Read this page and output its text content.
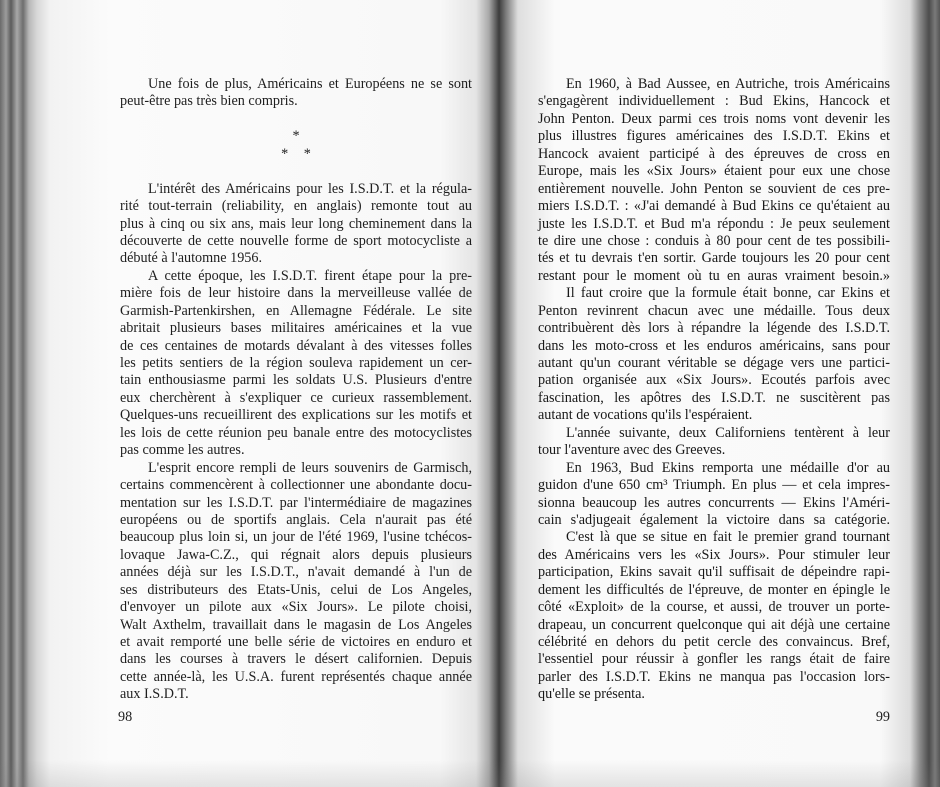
Une fois de plus, Américains et Européens ne se sont
peut-être pas très bien compris.
*
* *
L'intérêt des Américains pour les I.S.D.T. et la régula-
rité tout-terrain (reliability, en anglais) remonte tout au
plus à cinq ou six ans, mais leur long cheminement dans la
découverte de cette nouvelle forme de sport motocycliste a
débuté à l'automne 1956.
A cette époque, les I.S.D.T. firent étape pour la pre-
mière fois de leur histoire dans la merveilleuse vallée de
Garmish-Partenkirshen, en Allemagne Fédérale. Le site
abritait plusieurs bases militaires américaines et la vue
de ces centaines de motards dévalant à des vitesses folles
les petits sentiers de la région souleva rapidement un cer-
tain enthousiasme parmi les soldats U.S. Plusieurs d'entre
eux cherchèrent à s'expliquer ce curieux rassemblement.
Quelques-uns recueillirent des explications sur les motifs et
les lois de cette réunion peu banale entre des motocyclistes
pas comme les autres.
L'esprit encore rempli de leurs souvenirs de Garmisch,
certains commencèrent à collectionner une abondante docu-
mentation sur les I.S.D.T. par l'intermédiaire de magazines
européens ou de sportifs anglais. Cela n'aurait pas été
beaucoup plus loin si, un jour de l'été 1969, l'usine tchécos-
lovaque Jawa-C.Z., qui régnait alors depuis plusieurs
années déjà sur les I.S.D.T., n'avait demandé à l'un de
ses distributeurs des Etats-Unis, celui de Los Angeles,
d'envoyer un pilote aux «Six Jours». Le pilote choisi,
Walt Axthelm, travaillait dans le magasin de Los Angeles
et avait remporté une belle série de victoires en enduro et
dans les courses à travers le désert californien. Depuis
cette année-là, les U.S.A. furent représentés chaque année
aux I.S.D.T.
98
En 1960, à Bad Aussee, en Autriche, trois Américains
s'engagèrent individuellement : Bud Ekins, Hancock et
John Penton. Deux parmi ces trois noms vont devenir les
plus illustres figures américaines des I.S.D.T. Ekins et
Hancock avaient participé à des épreuves de cross en
Europe, mais les «Six Jours» étaient pour eux une chose
entièrement nouvelle. John Penton se souvient de ces pre-
miers I.S.D.T. : «J'ai demandé à Bud Ekins ce qu'étaient au
juste les I.S.D.T. et Bud m'a répondu : Je peux seulement
te dire une chose : conduis à 80 pour cent de tes possibili-
tés et tu devrais t'en sortir. Garde toujours les 20 pour cent
restant pour le moment où tu en auras vraiment besoin.»
Il faut croire que la formule était bonne, car Ekins et
Penton revinrent chacun avec une médaille. Tous deux
contribuèrent dès lors à répandre la légende des I.S.D.T.
dans les moto-cross et les enduros américains, sans pour
autant qu'un courant véritable se dégage vers une partici-
pation organisée aux «Six Jours». Ecoutés parfois avec
fascination, les apôtres des I.S.D.T. ne suscitèrent pas
autant de vocations qu'ils l'espéraient.
L'année suivante, deux Californiens tentèrent à leur
tour l'aventure avec des Greeves.
En 1963, Bud Ekins remporta une médaille d'or au
guidon d'une 650 cm³ Triumph. En plus — et cela impres-
sionna beaucoup les autres concurrents — Ekins l'Améri-
cain s'adjugeait également la victoire dans sa catégorie.
C'est là que se situe en fait le premier grand tournant
des Américains vers les «Six Jours». Pour stimuler leur
participation, Ekins savait qu'il suffisait de dépeindre rapi-
dement les difficultés de l'épreuve, de monter en épingle le
côté «Exploit» de la course, et aussi, de trouver un porte-
drapeau, un concurrent quelconque qui ait déjà une certaine
célébrité en dehors du petit cercle des convaincus. Bref,
l'essentiel pour réussir à gonfler les rangs était de faire
parler des I.S.D.T. Ekins ne manqua pas l'occasion lors-
qu'elle se présenta.
99
